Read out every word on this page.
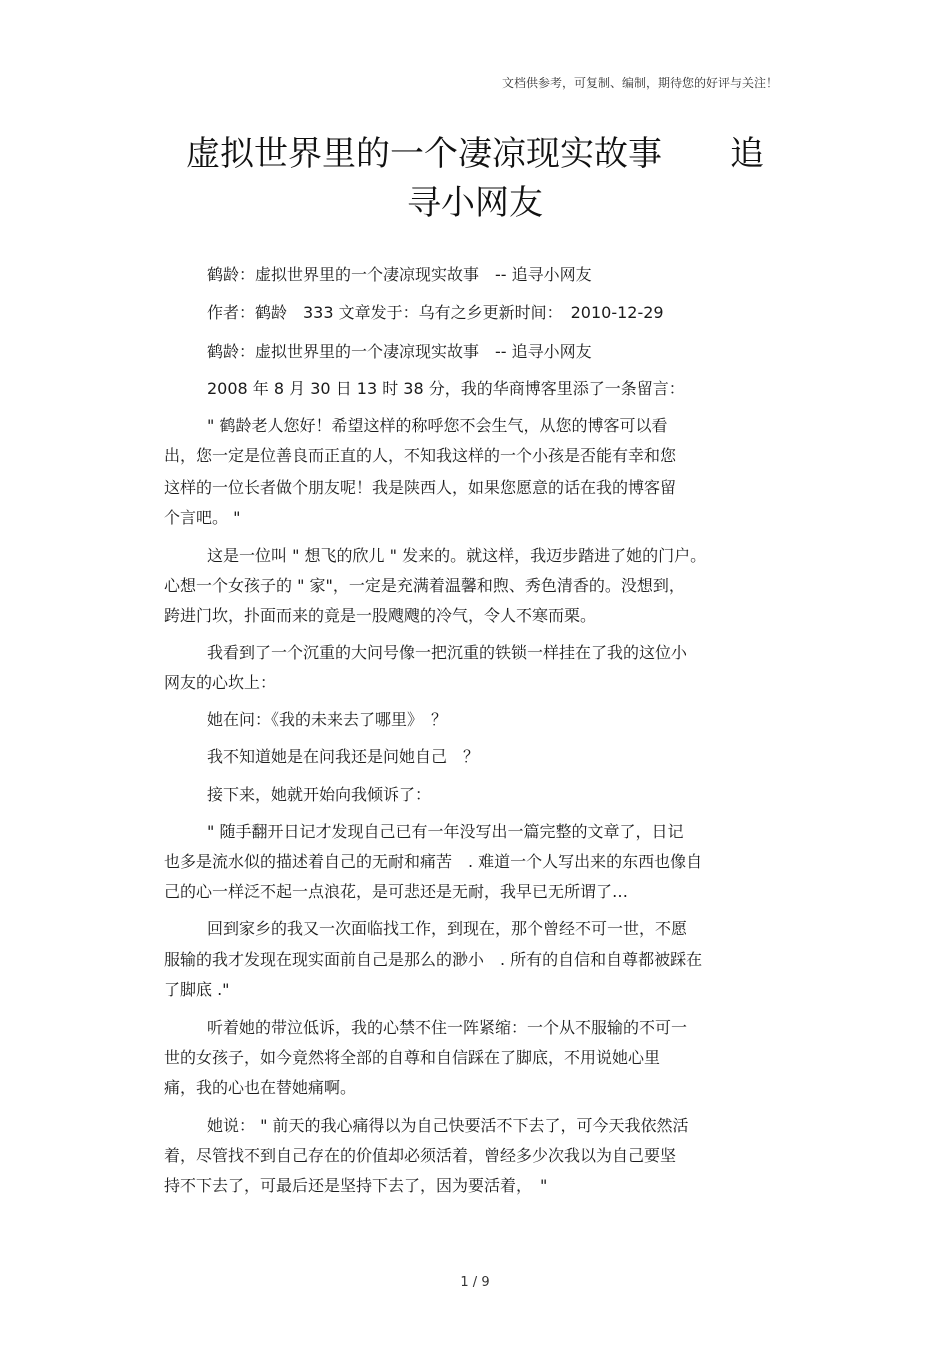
文档供参考，可复制、编制，期待您的好评与关注！
虚拟世界里的一个凄凉现实故事　　追
寻小网友
鹤龄：虚拟世界里的一个凄凉现实故事　-- 追寻小网友
作者：鹤龄　333 文章发于：乌有之乡更新时间：　2010-12-29
鹤龄：虚拟世界里的一个凄凉现实故事　-- 追寻小网友
2008 年 8 月 30 日 13 时 38 分，我的华商博客里添了一条留言：
" 鹤龄老人您好！希望这样的称呼您不会生气，从您的博客可以看
出，您一定是位善良而正直的人，不知我这样的一个小孩是否能有幸和您
这样的一位长者做个朋友呢！我是陕西人，如果您愿意的话在我的博客留
个言吧。 "
这是一位叫 " 想飞的欣儿 " 发来的。就这样，我迈步踏进了她的门户。
心想一个女孩子的 " 家"，一定是充满着温馨和煦、秀色清香的。没想到，
跨进门坎，扑面而来的竟是一股飕飕的冷气，令人不寒而栗。
我看到了一个沉重的大问号像一把沉重的铁锁一样挂在了我的这位小
网友的心坎上：
她在问：《我的未来去了哪里》　？
我不知道她是在问我还是问她自己　？
接下来，她就开始向我倾诉了：
" 随手翻开日记才发现自己已有一年没写出一篇完整的文章了，日记
也多是流水似的描述着自己的无耐和痛苦　. 难道一个人写出来的东西也像自
己的心一样泛不起一点浪花，是可悲还是无耐，我早已无所谓了…
回到家乡的我又一次面临找工作，到现在，那个曾经不可一世，不愿
服输的我才发现在现实面前自己是那么的渺小　. 所有的自信和自尊都被踩在
了脚底 ."
听着她的带泣低诉，我的心禁不住一阵紧缩：一个从不服输的不可一
世的女孩子，如今竟然将全部的自尊和自信踩在了脚底，不用说她心里
痛，我的心也在替她痛啊。
她说： " 前天的我心痛得以为自己快要活不下去了，可今天我依然活
着，尽管找不到自己存在的价值却必须活着，曾经多少次我以为自己要坚
持不下去了，可最后还是坚持下去了，因为要活着，　"
1 / 9
